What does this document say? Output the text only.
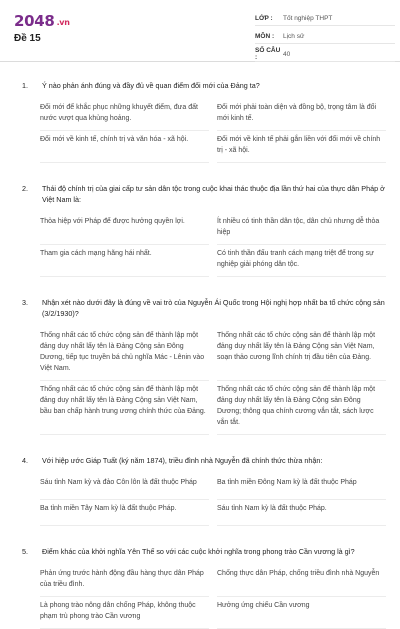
2048 .vn
Đề 15
LỚP :	Tốt nghiệp THPT
MÔN :	Lịch sử
SỐ CÂU :	40
1.	Ý nào phản ánh đúng và đầy đủ về quan điểm đổi mới của Đảng ta?
Đổi mới để khắc phục những khuyết điểm, đưa đất nước vượt qua khủng hoảng.
Đổi mới phải toàn diện và đồng bộ, trọng tâm là đổi mới kinh tế.
Đổi mới về kinh tế, chính trị và văn hóa - xã hội.	Đổi mới về kinh tế phải gắn liền với đổi mới về chính trị - xã hội.
2.	Thái độ chính trị của giai cấp tư sản dân tộc trong cuộc khai thác thuộc địa lần thứ hai của thực dân Pháp ở Việt Nam là:
Thỏa hiệp với Pháp để được hưởng quyền lợi.	Ít nhiều có tinh thần dân tộc, dân chủ nhưng dễ thỏa hiệp
Tham gia cách mạng hăng hái nhất.	Có tinh thần đấu tranh cách mạng triệt để trong sự nghiệp giải phóng dân tộc.
3.	Nhận xét nào dưới đây là đúng về vai trò của Nguyễn Ái Quốc trong Hội nghị hợp nhất ba tổ chức cộng sản (3/2/1930)?
Thống nhất các tổ chức cộng sản để thành lập một đảng duy nhất lấy tên là Đảng Cộng sản Đông Dương, tiếp tục truyền bá chủ nghĩa Mác - Lênin vào Việt Nam.
Thống nhất các tổ chức cộng sản để thành lập một đảng duy nhất lấy tên là Đảng Cộng sản Việt Nam, soạn thảo cương lĩnh chính trị đầu tiên của Đảng.
Thống nhất các tổ chức cộng sản để thành lập một đảng duy nhất lấy tên là Đảng Cộng sản Việt Nam, bầu ban chấp hành trung ương chính thức của Đảng.
Thống nhất các tổ chức cộng sản để thành lập một đảng duy nhất lấy tên là Đảng Cộng sản Đông Dương; thông qua chính cương vắn tắt, sách lược vắn tắt.
4.	Với hiệp ước Giáp Tuất (ký năm 1874), triều đình nhà Nguyễn đã chính thức thừa nhận:
Sáu tỉnh Nam kỳ và đảo Côn lôn là đất thuộc Pháp	Ba tỉnh miền Đông Nam kỳ là đất thuộc Pháp
Ba tỉnh miền Tây Nam kỳ là đất thuộc Pháp.	Sáu tỉnh Nam kỳ là đất thuộc Pháp.
5.	Điểm khác của khởi nghĩa Yên Thế so với các cuộc khởi nghĩa trong phong trào Cần vương là gì?
Phản ứng trước hành động đầu hàng thực dân Pháp của triều đình.
Chống thực dân Pháp, chống triều đình nhà Nguyễn
Là phong trào nông dân chống Pháp, không thuộc phạm trù phong trào Cần vương
Hưởng ứng chiếu Cần vương
